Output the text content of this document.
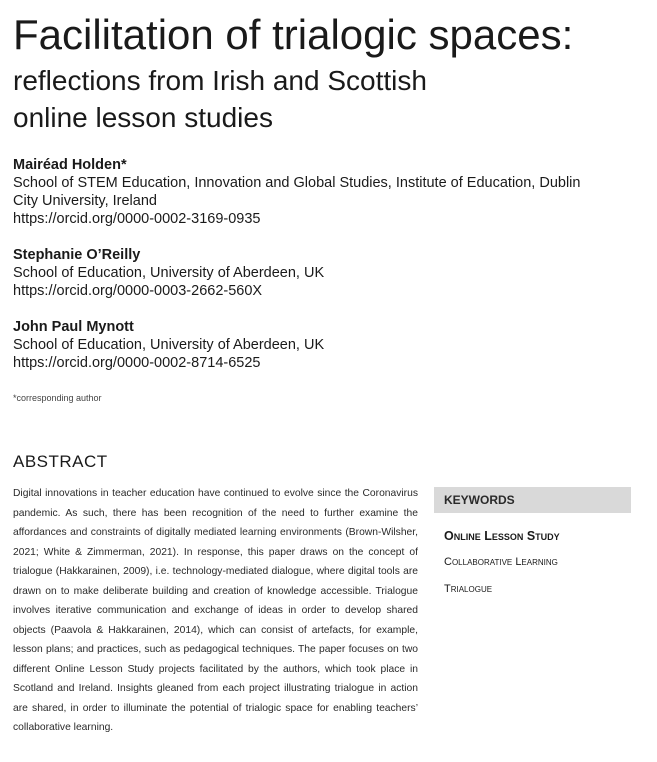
Facilitation of trialogic spaces:
reflections from Irish and Scottish
online lesson studies
Mairéad Holden*
School of STEM Education, Innovation and Global Studies, Institute of Education, Dublin
City University, Ireland
https://orcid.org/0000-0002-3169-0935
Stephanie O’Reilly
School of Education, University of Aberdeen, UK
https://orcid.org/0000-0003-2662-560X
John Paul Mynott
School of Education, University of Aberdeen, UK
https://orcid.org/0000-0002-8714-6525
*corresponding author
ABSTRACT

Digital innovations in teacher education have continued to evolve since the Coronavirus pandemic. As such, there has been recognition of the need to further examine the affordances and constraints of digitally mediated learning environments (Brown-Wilsher, 2021; White & Zimmerman, 2021). In response, this paper draws on the concept of trialogue (Hakkarainen, 2009), i.e. technology-mediated dialogue, where digital tools are drawn on to make deliberate building and creation of knowledge accessible. Trialogue involves iterative communication and exchange of ideas in order to develop shared objects (Paavola & Hakkarainen, 2014), which can consist of artefacts, for example, lesson plans; and practices, such as pedagogical techniques. The paper focuses on two different Online Lesson Study projects facilitated by the authors, which took place in Scotland and Ireland. Insights gleaned from each project illustrating trialogue in action are shared, in order to illuminate the potential of trialogic space for enabling teachers’ collaborative learning.

KEYWORDS
Online Lesson Study
Collaborative Learning
Trialogue
